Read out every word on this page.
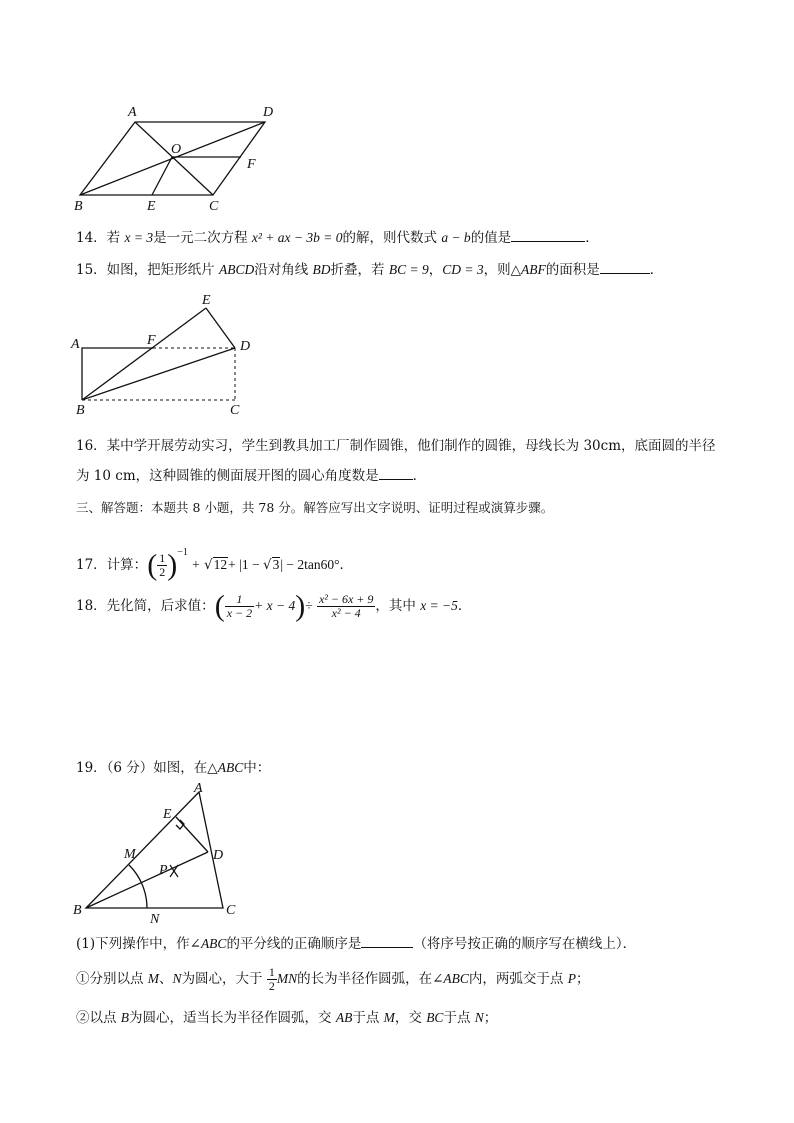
A	D
O
F
B	E	C
14．若 x = 3是一元二次方程 x² + ax − 3b = 0的解，则代数式 a − b的值是	．
15．如图，把矩形纸片 ABCD沿对角线 BD折叠，若 BC = 9，CD = 3，则△ABF的面积是	．
E
A	F	D
B	C
16．某中学开展劳动实习，学生到教具加工厂制作圆锥，他们制作的圆锥，母线长为 30cm，底面圆的半径
为 10 cm，这种圆锥的侧面展开图的圆心角度数是	．
三、解答题：本题共 8 小题，共 78 分。解答应写出文字说明、证明过程或演算步骤。
17．计算：( $\frac{1}{2} )^{-1} + √12+ |1 - √3| - 2\tan 60^\circ$．
18．先化简，后求值：( $\frac{1}{x - 2} + x - 4)\div \frac{\text{x² − 6x + 9}}{\text{x² − 4}}$ ，其中 x = −5．
19．（6 分）如图，在△ABC中：
A
E
M	D
P
B
N
C
(1)下列操作中，作∠ABC的平分线的正确顺序是	（将序号按正确的顺序写在横线上）．
①分别以点 M、N为圆心，大于 $\frac{1}{2}$ MN的长为半径作圆弧，在∠ABC内，两弧交于点 P；
②以点 B为圆心，适当长为半径作圆弧，交 AB于点 M，交 BC于点 N；
